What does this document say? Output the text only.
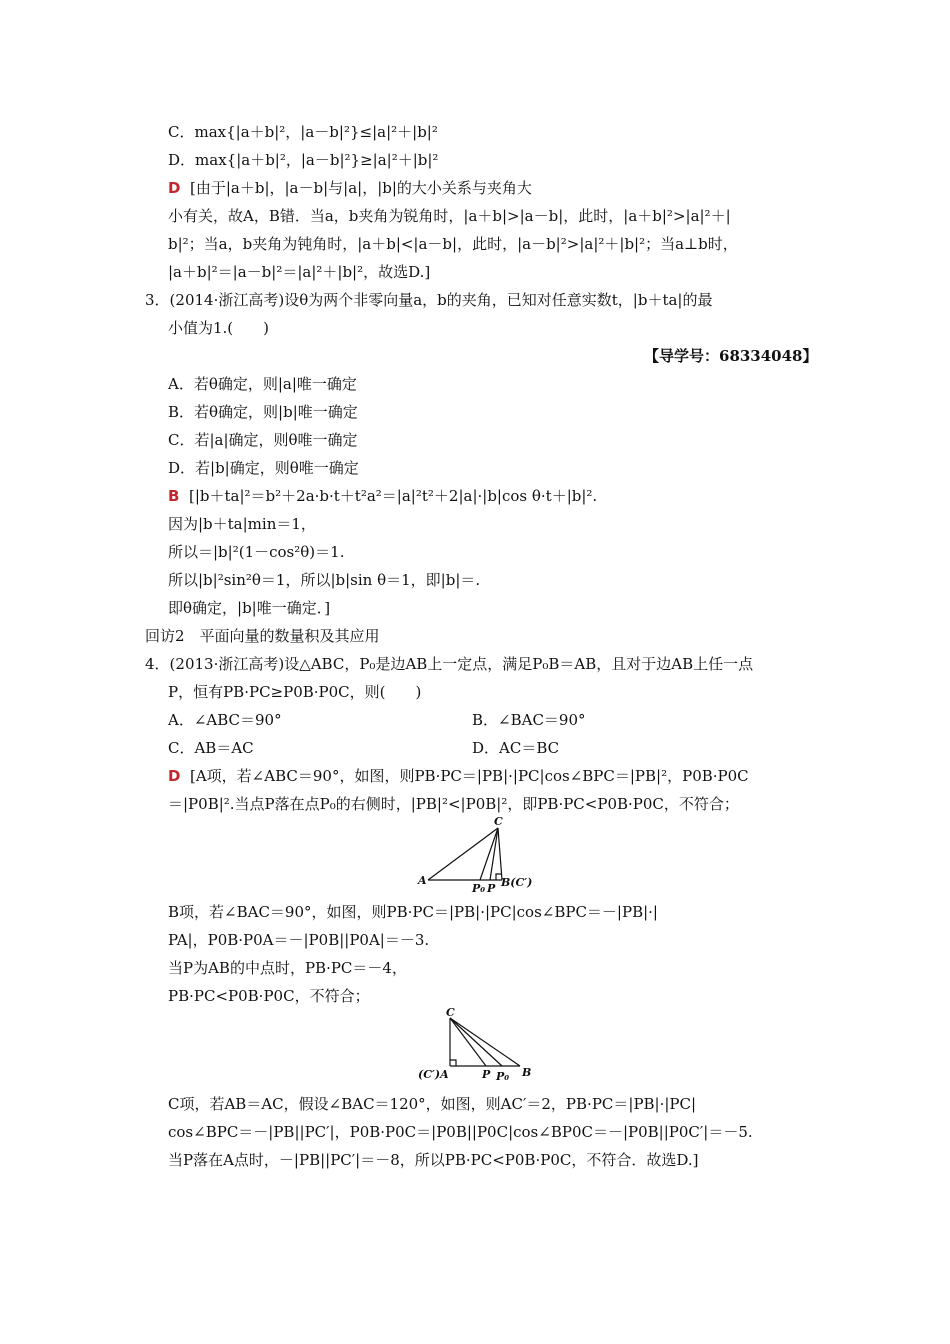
C．max{|a＋b|²，|a－b|²}≤|a|²＋|b|²
D．max{|a＋b|²，|a－b|²}≥|a|²＋|b|²
D [由于|a＋b|，|a－b|与|a|，|b|的大小关系与夹角大
小有关，故A，B错．当a，b夹角为锐角时，|a＋b|>|a－b|，此时，|a＋b|²>|a|²＋|
b|²；当a，b夹角为钝角时，|a＋b|<|a－b|，此时，|a－b|²>|a|²＋|b|²；当a⊥b时，
|a＋b|²＝|a－b|²＝|a|²＋|b|²，故选D.]
3．(2014·浙江高考)设θ为两个非零向量a，b的夹角，已知对任意实数t，|b＋ta|的最
小值为1.(　　)
【导学号：68334048】
A．若θ确定，则|a|唯一确定
B．若θ确定，则|b|唯一确定
C．若|a|确定，则θ唯一确定
D．若|b|确定，则θ唯一确定
B [|b＋ta|²＝b²＋2a·b·t＋t²a²＝|a|²t²＋2|a|·|b|cos θ·t＋|b|².
因为|b＋ta|min＝1，
所以＝|b|²(1－cos²θ)＝1.
所以|b|²sin²θ＝1，所以|b|sin θ＝1，即|b|＝.
即θ确定，|b|唯一确定．]
回访2　平面向量的数量积及其应用
4．(2013·浙江高考)设△ABC，P₀是边AB上一定点，满足P₀B＝AB，且对于边AB上任一点
P，恒有PB·PC≥P0B·P0C，则(　　)
A．∠ABC＝90°	B．∠BAC＝90°
C．AB＝AC	D．AC＝BC
D [A项，若∠ABC＝90°，如图，则PB·PC＝|PB|·|PC|cos∠BPC＝|PB|²，P0B·P0C
＝|P0B|².当点P落在点P₀的右侧时，|PB|²<|P0B|²，即PB·PC<P0B·P0C，不符合；
A
P₀ P B(C′)
C
B项，若∠BAC＝90°，如图，则PB·PC＝|PB|·|PC|cos∠BPC＝－|PB|·|
PA|，P0B·P0A＝－|P0B||P0A|＝－3.
当P为AB的中点时，PB·PC＝－4，
PB·PC<P0B·P0C，不符合；
C
(C′)A	P P₀ B
C项，若AB＝AC，假设∠BAC＝120°，如图，则AC′＝2，PB·PC＝|PB|·|PC|
cos∠BPC＝－|PB||PC′|，P0B·P0C＝|P0B||P0C|cos∠BP0C＝－|P0B||P0C′|＝－5.
当P落在A点时，－|PB||PC′|＝－8，所以PB·PC<P0B·P0C，不符合．故选D.]
